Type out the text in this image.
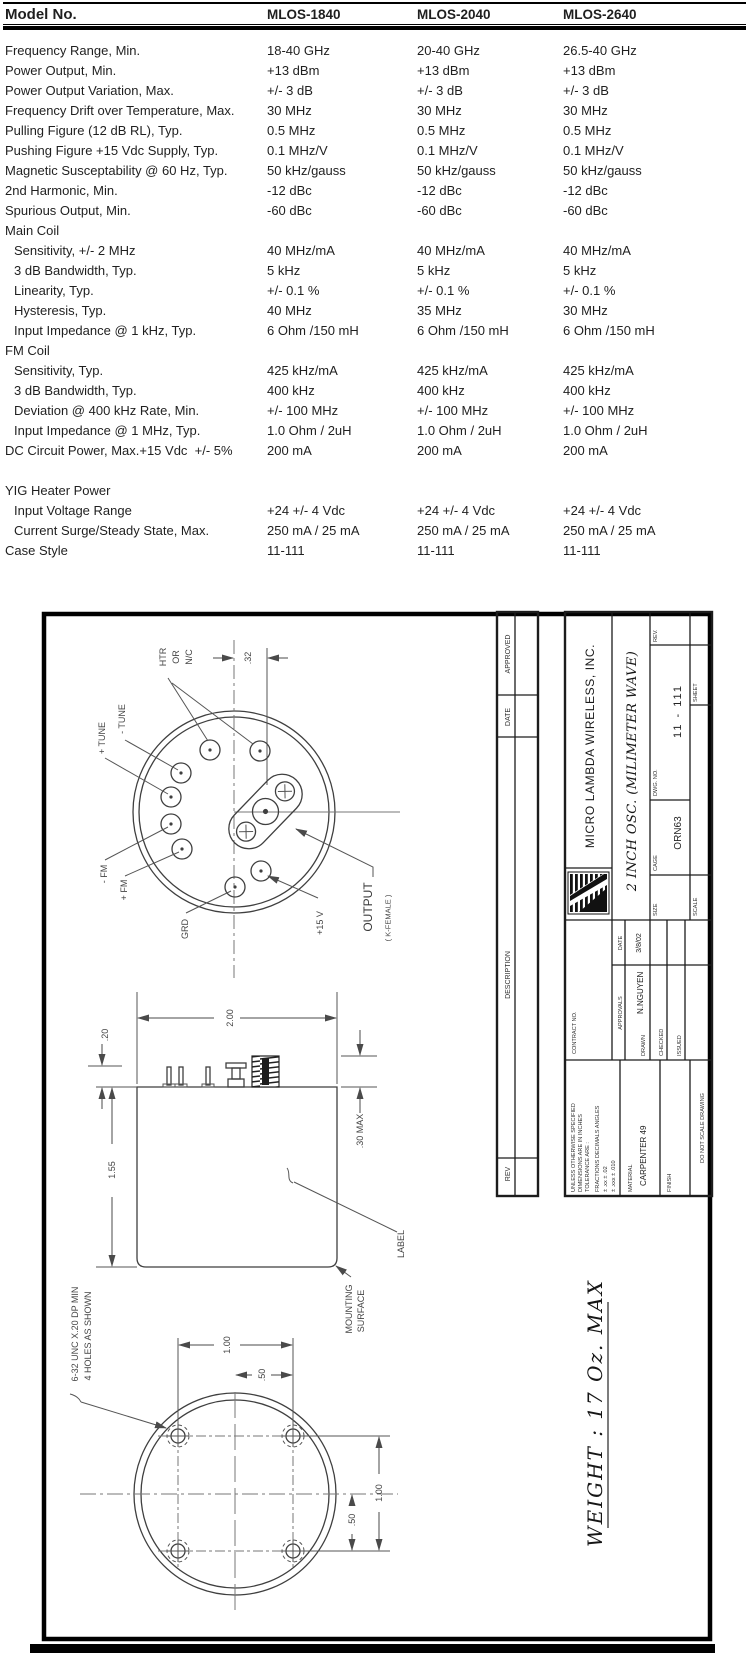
Model No.	MLOS-1840	MLOS-2040	MLOS-2640
Frequency Range, Min.	18-40 GHz	20-40 GHz	26.5-40 GHz
Power Output, Min.	+13 dBm	+13 dBm	+13 dBm
Power Output Variation, Max.	+/- 3 dB	+/- 3 dB	+/- 3 dB
Frequency Drift over Temperature, Max.	30 MHz	30 MHz	30 MHz
Pulling Figure (12 dB RL), Typ.	0.5 MHz	0.5 MHz	0.5 MHz
Pushing Figure +15 Vdc Supply, Typ.	0.1 MHz/V	0.1 MHz/V	0.1 MHz/V
Magnetic Susceptability @ 60 Hz, Typ.	50 kHz/gauss	50 kHz/gauss	50 kHz/gauss
2nd Harmonic, Min.	-12 dBc	-12 dBc	-12 dBc
Spurious Output, Min.	-60 dBc	-60 dBc	-60 dBc
Main Coil
Sensitivity, +/- 2 MHz	40 MHz/mA	40 MHz/mA	40 MHz/mA
3 dB Bandwidth, Typ.	5 kHz	5 kHz	5 kHz
Linearity, Typ.	+/- 0.1 %	+/- 0.1 %	+/- 0.1 %
Hysteresis, Typ.	40 MHz	35 MHz	30 MHz
Input Impedance @ 1 kHz, Typ.	6 Ohm /150 mH	6 Ohm /150 mH	6 Ohm /150 mH
FM Coil
Sensitivity, Typ.	425 kHz/mA	425 kHz/mA	425 kHz/mA
3 dB Bandwidth, Typ.	400 kHz	400 kHz	400 kHz
Deviation @ 400 kHz Rate, Min.	+/- 100 MHz	+/- 100 MHz	+/- 100 MHz
Input Impedance @ 1 MHz, Typ.	1.0 Ohm / 2uH	1.0 Ohm / 2uH	1.0 Ohm / 2uH
DC Circuit Power, Max.+15 Vdc  +/- 5%	200 mA	200 mA	200 mA
YIG Heater Power
Input Voltage Range	+24 +/- 4 Vdc	+24 +/- 4 Vdc	+24 +/- 4 Vdc
Current Surge/Steady State, Max.	250 mA / 25 mA	250 mA / 25 mA	250 mA / 25 mA
Case Style	11-111	11-111	11-111
.32
HTR OR N/C
- TUNE
+ TUNE
- FM
+ FM
GRD	+15 V	OUTPUT ( K-FEMALE )
2.00
.20
1.55
.30 MAX
LABEL
MOUNTING SURFACE
1.00
.50
1.00
.50
6-32 UNC X.20 DP MIN 4 HOLES AS SHOWN	WEIGHT : 17 Oz. MAX
REV
DESCRIPTION
DATE
APPROVED
UNLESS OTHERWISE SPECIFIED DIMENSIONS ARE IN INCHES TOLERANCE ARE : FRACTIONS DECIMALS ANGLES ± .xx ± .02 ± .xxx ± .010 MATERIAL CARPENTER 49	FINISH
DO NOT SCALE DRAWING
CONTRACT NO.	APPROVALS
DATE
DRAWN
N.NGUYEN
3/8/02
CHECKED ISSUED
MICRO LAMBDA WIRELESS, INC. 2 INCH OSC. (MILIMETER WAVE)
SIZE
CAGE
ORN63
DWG. NO.
11 - 111
REV.
SCALE
SHEET
